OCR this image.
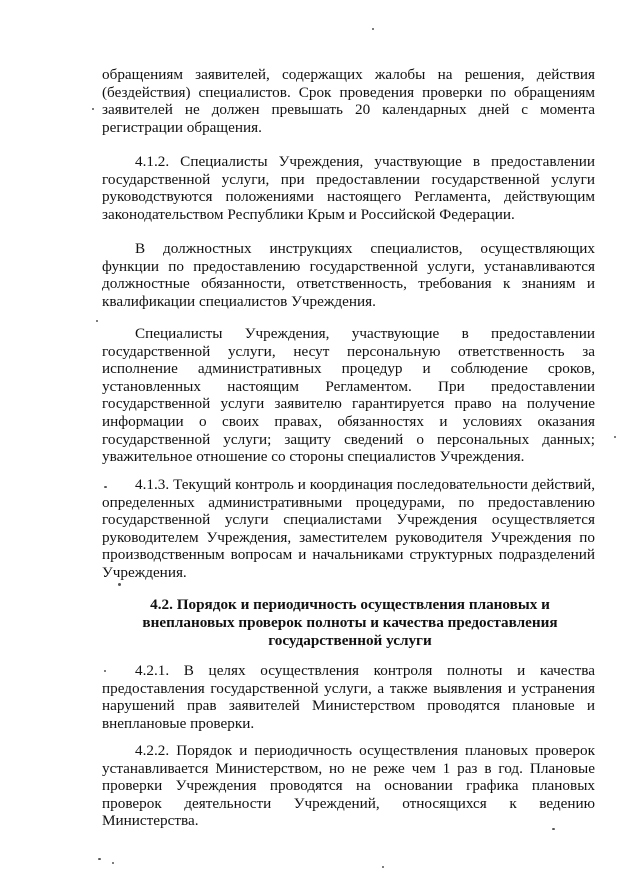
обращениям заявителей, содержащих жалобы на решения, действия (бездействия) специалистов. Срок проведения проверки по обращениям заявителей не должен превышать 20 календарных дней с момента регистрации обращения.

4.1.2. Специалисты Учреждения, участвующие в предоставлении государственной услуги, при предоставлении государственной услуги руководствуются положениями настоящего Регламента, действующим законодательством Республики Крым и Российской Федерации.

В должностных инструкциях специалистов, осуществляющих функции по предоставлению государственной услуги, устанавливаются должностные обязанности, ответственность, требования к знаниям и квалификации специалистов Учреждения.

Специалисты Учреждения, участвующие в предоставлении государственной услуги, несут персональную ответственность за исполнение административных процедур и соблюдение сроков, установленных настоящим Регламентом. При предоставлении государственной услуги заявителю гарантируется право на получение информации о своих правах, обязанностях и условиях оказания государственной услуги; защиту сведений о персональных данных; уважительное отношение со стороны специалистов Учреждения.

4.1.3. Текущий контроль и координация последовательности действий, определенных административными процедурами, по предоставлению государственной услуги специалистами Учреждения осуществляется руководителем Учреждения, заместителем руководителя Учреждения по производственным вопросам и начальниками структурных подразделений Учреждения.

4.2. Порядок и периодичность осуществления плановых и

внеплановых проверок полноты и качества предоставления

государственной услуги

4.2.1. В целях осуществления контроля полноты и качества предоставления государственной услуги, а также выявления и устранения нарушений прав заявителей Министерством проводятся плановые и внеплановые проверки.

4.2.2. Порядок и периодичность осуществления плановых проверок устанавливается Министерством, но не реже чем 1 раз в год. Плановые проверки Учреждения проводятся на основании графика плановых проверок деятельности Учреждений, относящихся к ведению Министерства.
